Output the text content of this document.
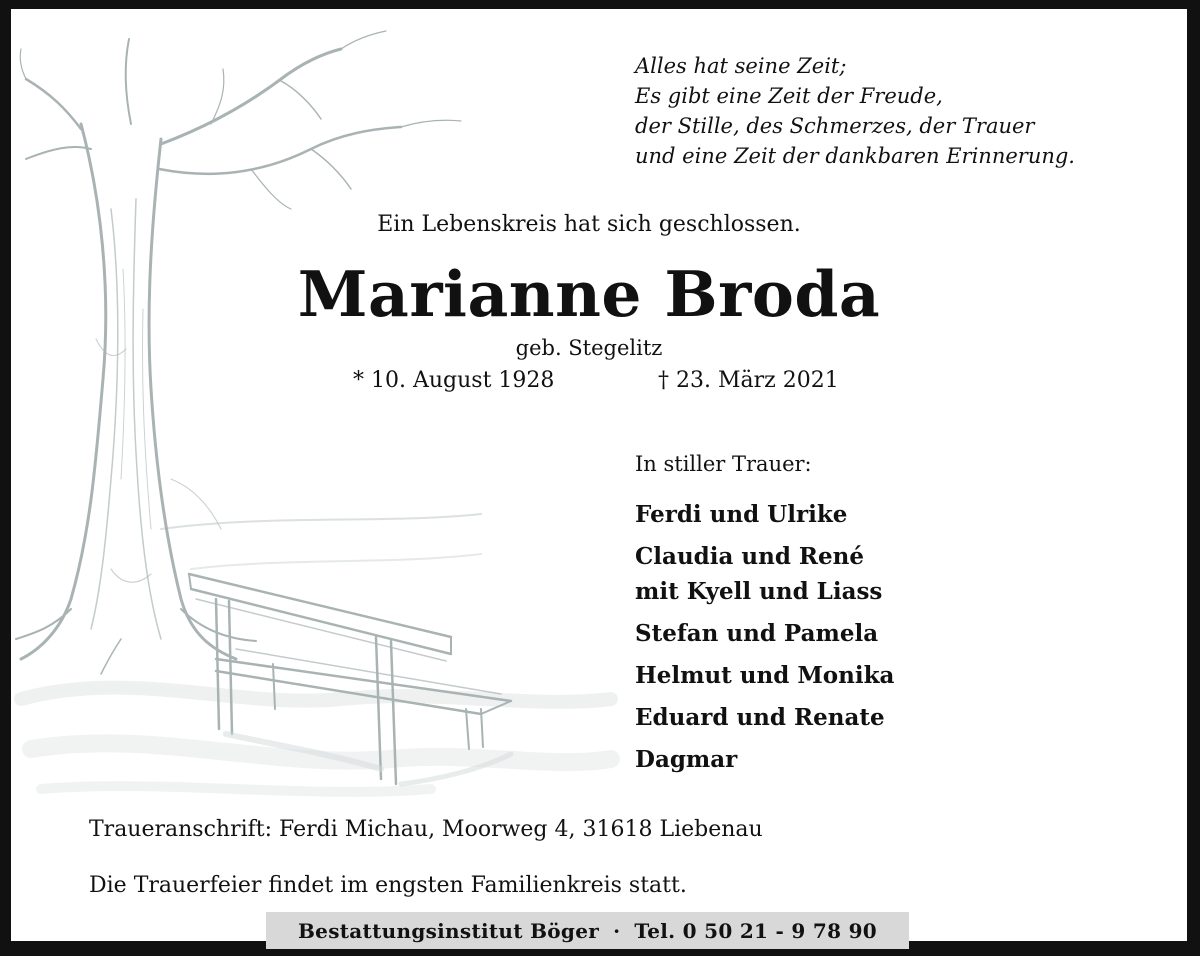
Alles hat seine Zeit;
Es gibt eine Zeit der Freude,
der Stille, des Schmerzes, der Trauer
und eine Zeit der dankbaren Erinnerung.
Ein Lebenskreis hat sich geschlossen.
Marianne Broda
geb. Stegelitz
* 10. August 1928	† 23. März 2021
In stiller Trauer:
Ferdi und Ulrike
Claudia und René
mit Kyell und Liass
Stefan und Pamela
Helmut und Monika
Eduard und Renate
Dagmar
Traueranschrift: Ferdi Michau, Moorweg 4, 31618 Liebenau
Die Trauerfeier findet im engsten Familienkreis statt.
Bestattungsinstitut Böger · Tel. 0 50 21 - 9 78 90
